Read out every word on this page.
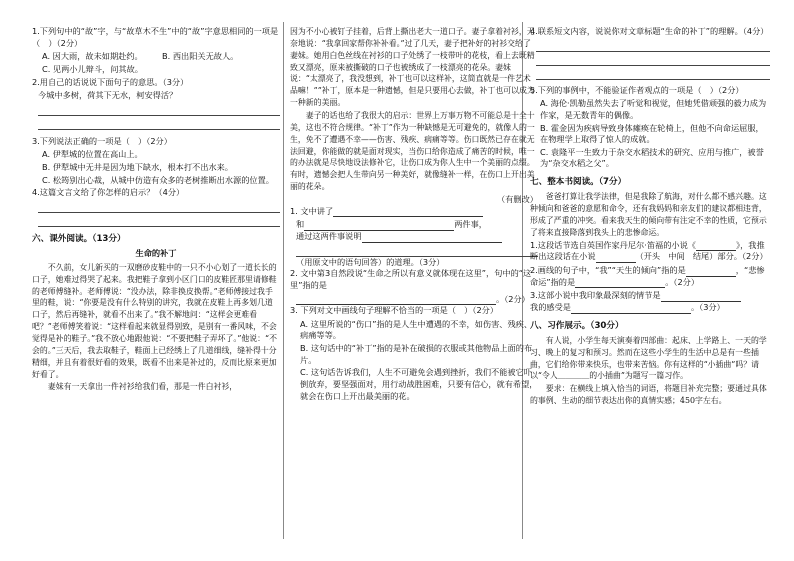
1.下列句中的“故”字，与“故草木不生”中的“故”字意思相同的一项是（　）（2分）
A. 因大雨，故未如期赴约。 B. 西出阳关无故人。
C. 见两小儿辩斗，问其故。
2.用自己的话说说下面句子的意思。（3分）
今城中多树，荷其下无水，柯安得活？
3.下列说法正确的一项是（　）（2分）
A. 伊犁城的位置在高山上。
B. 伊犁城中无井是因为地下缺水，根本打不出水来。
C. 松筠别出心裁，从城中仿造有众多的老树推断出水源的位置。
4.这篇文言文给了你怎样的启示？（4分）
六、课外阅读。（13分）
生命的补丁
不久前，女儿新买的一双磨砂皮鞋中的一只不小心划了一道长长的口子，她难过得哭了起来。我把鞋子拿到小区门口的皮鞋匠那里请修鞋的老师傅缝补。老师傅说：“没办法，除非换皮换帮。”老师傅接过我手里的鞋，说：“你要是没有什么特别的讲究，我就在皮鞋上再多划几道口子，然后再缝补，就看不出来了。”我不解地问：“这样会更难看吧？”老师傅笑着说：“这样看起来就显得别致，是别有一番风味，不会觉得是补的鞋子。”我不放心地跟他说：“不要把鞋子弄坏了。”他说：“不会的。”三天后，我去取鞋子，鞋面上已经绣上了几道细线，缝补得十分精细，并且有着很好看的效果，既看不出来是补过的，反而比原来更加好看了。
妻妹有一天拿出一件衬衫给我们看，那是一件白衬衫，
因为不小心被钉子挂着，后背上撕出老大一道口子。妻子拿着衬衫，无奈地说：“我拿回家帮你补补看。”过了几天，妻子把补好的衬衫交给了妻妹。她用白色丝线在衬衫的口子处绣了一枝带叶的花枝，看上去既精致又漂亮，原来被撕破的口子也被绣成了一枝漂亮的花朵。妻妹说：“太漂亮了，我没想到，补丁也可以这样补，这简直就是一件艺术品嘛！””补丁，原本是一种遗憾，但是只要用心去做，补丁也可以成为一种新的美丽。
妻子的话也给了我很大的启示：世界上万事万物不可能总是十全十美，这也不符合规律。“补丁”作为一种缺憾是无可避免的，就像人的一生，免不了遭遇不幸——伤害、残疾、病痛等等。伤口既然已存在就无法回避，你能做的就是面对现实，当伤口给你造成了痛苦的时候，唯一的办法就是尽快地设法修补它，让伤口成为你人生中一个美丽的点缀。有时，遗憾会把人生带向另一种美好，就像缝补一样，在伤口上开出美丽的花朵。
（有删改）
1. 文中讲了
和	两件事，
通过这两件事说明
（用原文中的语句回答）的道理。（3分）
2. 文中第3自然段说“生命之所以有意义就体现在这里”，句中的“这里”指的是
。（2分）
3. 下列对文中画线句子理解不恰当的一项是（　）（2分）
A. 这里所说的“伤口”指的是人生中遭遇的不幸，如伤害、残疾、病痛等等。
B. 这句话中的“补丁”指的是补在破损的衣服或其他物品上面的布片。
C. 这句话告诉我们，人生不可避免会遇到挫折，我们不能被它吓倒放弃，要坚强面对，用行动战胜困难，只要有信心，就有希望，就会在伤口上开出最美丽的花。
4.联系短文内容，说说你对文章标题“生命的补丁”的理解。（4分）
5.下列的事例中，不能验证作者观点的一项是（　）（2分）
A. 海伦·凯勒虽然失去了听觉和视觉，但她凭借顽强的毅力成为作家，是无数青年的偶像。
B. 霍金因为疾病导致身体瘫痪在轮椅上，但他不向命运屈服，在物理学上取得了惊人的成就。
C. 袁隆平一生致力于杂交水稻技术的研究、应用与推广，被誉为“杂交水稻之父”。
七、整本书阅读。（7分）
爸爸打算让我学法律，但是我除了航海，对什么都不感兴趣。这种倾向和爸爸的意愿和命令，还有我妈妈和亲友们的建议都相违背，形成了严重的冲突。看来我天生的倾向带有注定不幸的性质，它预示了将来直接降落到我头上的悲惨命运。
1.这段话节选自英国作家丹尼尔·笛福的小说《	》，我推断出这段话在小说	（开头　中间　结尾）部分。（2分）
2.画线的句子中，“我”“天生的倾向”指的是	，“悲惨命运”指的是	。（2分）
3.这部小说中我印象最深刻的情节是
我的感受是	。（3分）
八、习作展示。（30分）
有人说，小学生每天演奏着四部曲：起床、上学路上、一天的学习、晚上的复习和预习。然而在这些小学生的生活中总是有一些插曲，它们给你带来快乐，也带来苦恼。你有这样的“小插曲”吗？请以“令人＿＿＿＿的小插曲”为题写一篇习作。
要求：在横线上填入恰当的词语，将题目补充完整；要通过具体的事例、生动的细节表达出你的真情实感；450字左右。
